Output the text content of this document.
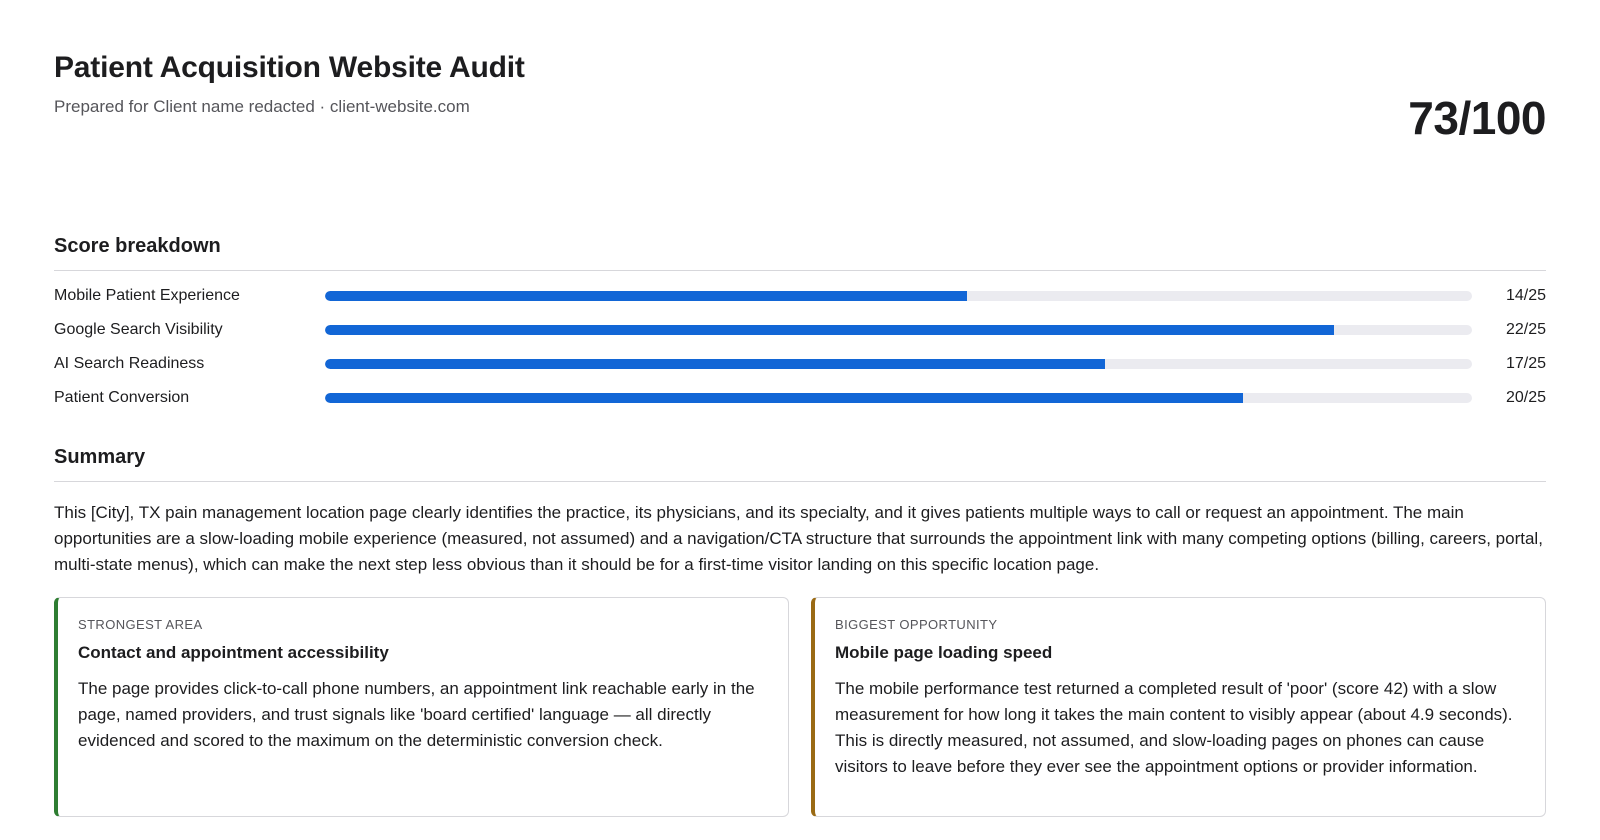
Patient Acquisition Website Audit
Prepared for Client name redacted · client-website.com	73/100
Score breakdown
Mobile Patient Experience	14/25
Google Search Visibility	22/25
AI Search Readiness	17/25
Patient Conversion	20/25
Summary

This [City], TX pain management location page clearly identifies the practice, its physicians, and its specialty, and it gives patients multiple ways to call or request an appointment. The main opportunities are a slow-loading mobile experience (measured, not assumed) and a navigation/CTA structure that surrounds the appointment link with many competing options (billing, careers, portal, multi-state menus), which can make the next step less obvious than it should be for a first-time visitor landing on this specific location page.

STRONGEST AREA
Contact and appointment accessibility

The page provides click-to-call phone numbers, an appointment link reachable early in the page, named providers, and trust signals like 'board certified' language — all directly evidenced and scored to the maximum on the deterministic conversion check.

BIGGEST OPPORTUNITY
Mobile page loading speed

The mobile performance test returned a completed result of 'poor' (score 42) with a slow measurement for how long it takes the main content to visibly appear (about 4.9 seconds). This is directly measured, not assumed, and slow-loading pages on phones can cause visitors to leave before they ever see the appointment options or provider information.
